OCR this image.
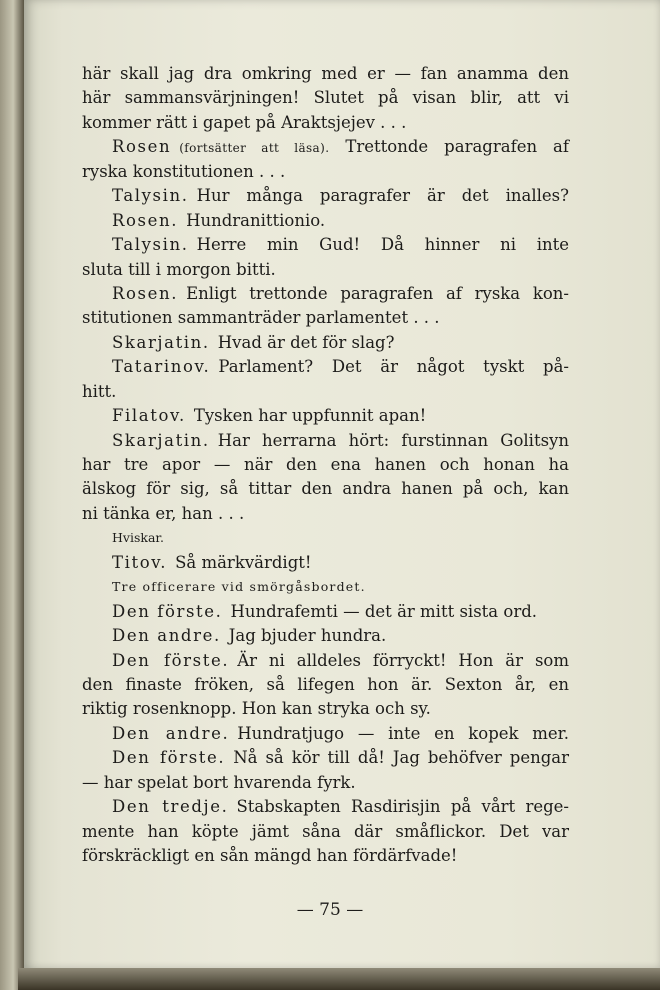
här skall jag dra omkring med er — fan anamma den
här sammansvärjningen! Slutet på visan blir, att vi
kommer rätt i gapet på Araktsjejev . . .
Rosen (fortsätter att läsa). Trettonde paragrafen af
ryska konstitutionen . . .
Talysin. Hur många paragrafer är det inalles?
Rosen. Hundranittionio.
Talysin. Herre min Gud! Då hinner ni inte
sluta till i morgon bitti.
Rosen. Enligt trettonde paragrafen af ryska kon-
stitutionen sammanträder parlamentet . . .
Skarjatin. Hvad är det för slag?
Tatarinov. Parlament? Det är något tyskt på-
hitt.
Filatov. Tysken har uppfunnit apan!
Skarjatin. Har herrarna hört: furstinnan Golitsyn
har tre apor — när den ena hanen och honan ha
älskog för sig, så tittar den andra hanen på och, kan
ni tänka er, han . . .
Hviskar.
Titov. Så märkvärdigt!
Tre officerare vid smörgåsbordet.
Den förste. Hundrafemti — det är mitt sista ord.
Den andre. Jag bjuder hundra.
Den förste. Är ni alldeles förryckt! Hon är som
den finaste fröken, så lifegen hon är. Sexton år, en
riktig rosenknopp. Hon kan stryka och sy.
Den andre. Hundratjugo — inte en kopek mer.
Den förste. Nå så kör till då! Jag behöfver pengar
— har spelat bort hvarenda fyrk.
Den tredje. Stabskapten Rasdirisjin på vårt rege-
mente han köpte jämt såna där småflickor. Det var
förskräckligt en sån mängd han fördärfvade!
— 75 —
